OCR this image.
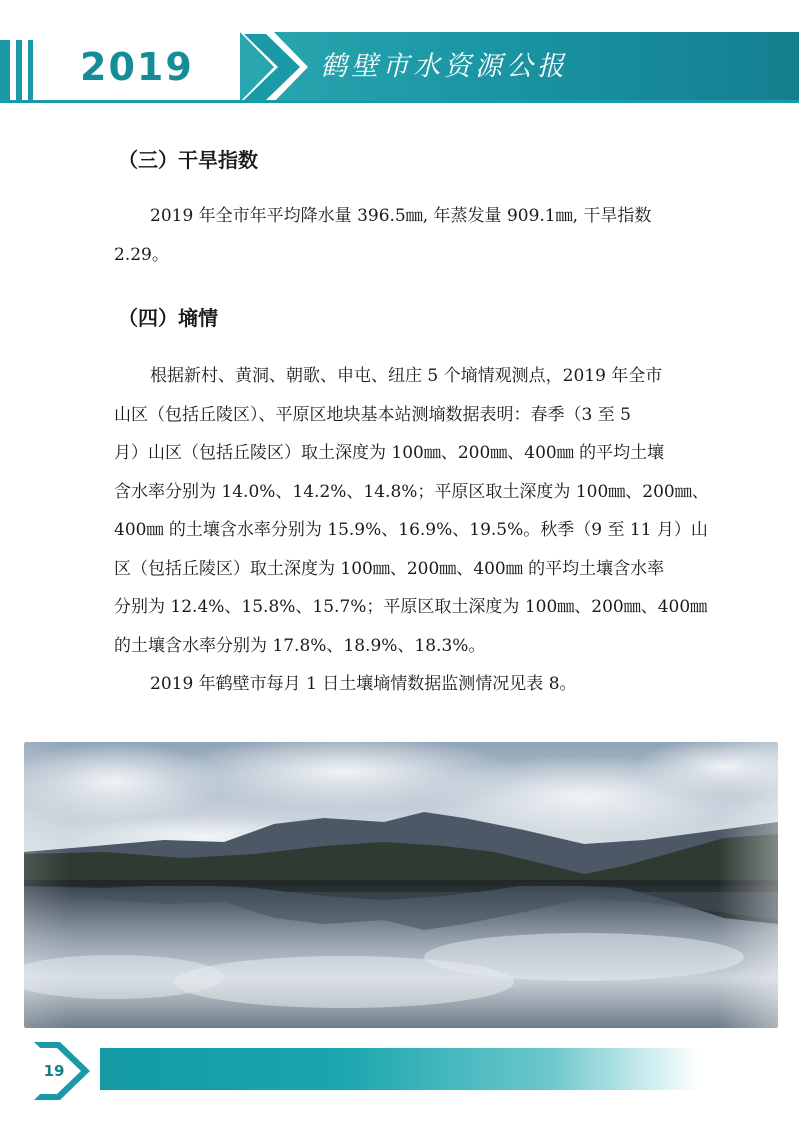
2019	鹤壁市水资源公报
（三）干旱指数
2019 年全市年平均降水量 396.5㎜, 年蒸发量 909.1㎜, 干旱指数
2.29。
（四）墒情
根据新村、黄洞、朝歌、申屯、纽庄 5 个墒情观测点，2019 年全市
山区（包括丘陵区）、平原区地块基本站测墒数据表明：春季（3 至 5
月）山区（包括丘陵区）取土深度为 100㎜、200㎜、400㎜ 的平均土壤
含水率分别为 14.0%、14.2%、14.8%；平原区取土深度为 100㎜、200㎜、
400㎜ 的土壤含水率分别为 15.9%、16.9%、19.5%。秋季（9 至 11 月）山
区（包括丘陵区）取土深度为 100㎜、200㎜、400㎜ 的平均土壤含水率
分别为 12.4%、15.8%、15.7%；平原区取土深度为 100㎜、200㎜、400㎜
的土壤含水率分别为 17.8%、18.9%、18.3%。
2019 年鹤壁市每月 1 日土壤墒情数据监测情况见表 8。
19
